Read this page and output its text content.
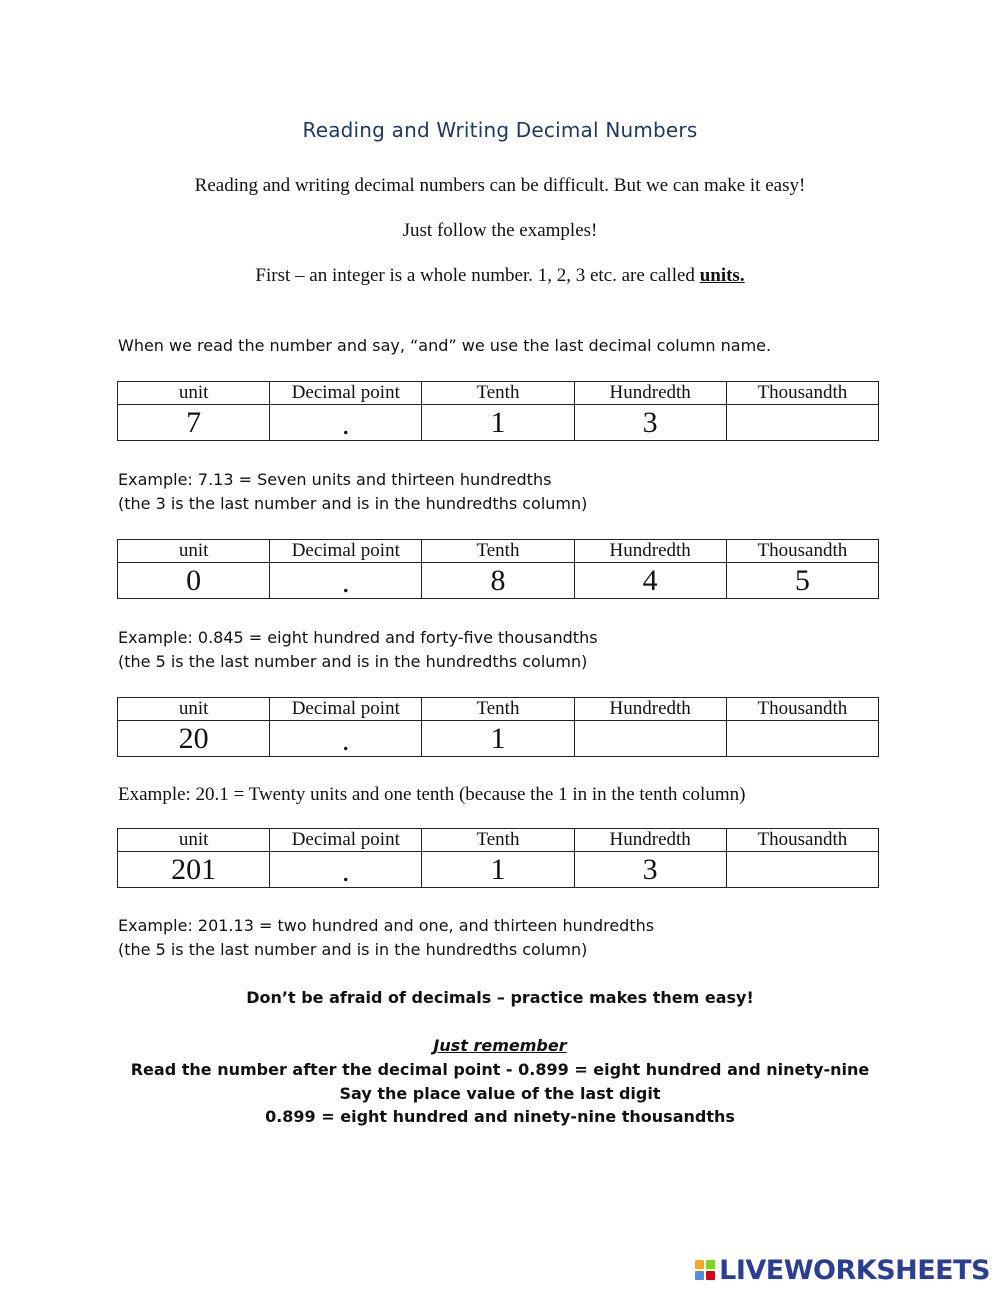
Reading and Writing Decimal Numbers
Reading and writing decimal numbers can be difficult. But we can make it easy!
Just follow the examples!
First – an integer is a whole number. 1, 2, 3 etc. are called units.
When we read the number and say, “and” we use the last decimal column name.
unit	Decimal point	Tenth	Hundredth	Thousandth
7	.	1	3	
Example: 7.13 = Seven units and thirteen hundredths
(the 3 is the last number and is in the hundredths column)
unit	Decimal point	Tenth	Hundredth	Thousandth
0	.	8	4	5
Example: 0.845 = eight hundred and forty-five thousandths
(the 5 is the last number and is in the hundredths column)
unit	Decimal point	Tenth	Hundredth	Thousandth
20	.	1		
Example: 20.1 = Twenty units and one tenth (because the 1 in in the tenth column)
unit	Decimal point	Tenth	Hundredth	Thousandth
201	.	1	3	
Example: 201.13 = two hundred and one, and thirteen hundredths
(the 5 is the last number and is in the hundredths column)
Don’t be afraid of decimals – practice makes them easy!
Just remember
Read the number after the decimal point - 0.899 = eight hundred and ninety-nine
Say the place value of the last digit
0.899 = eight hundred and ninety-nine thousandths
LIVEWORKSHEETS
